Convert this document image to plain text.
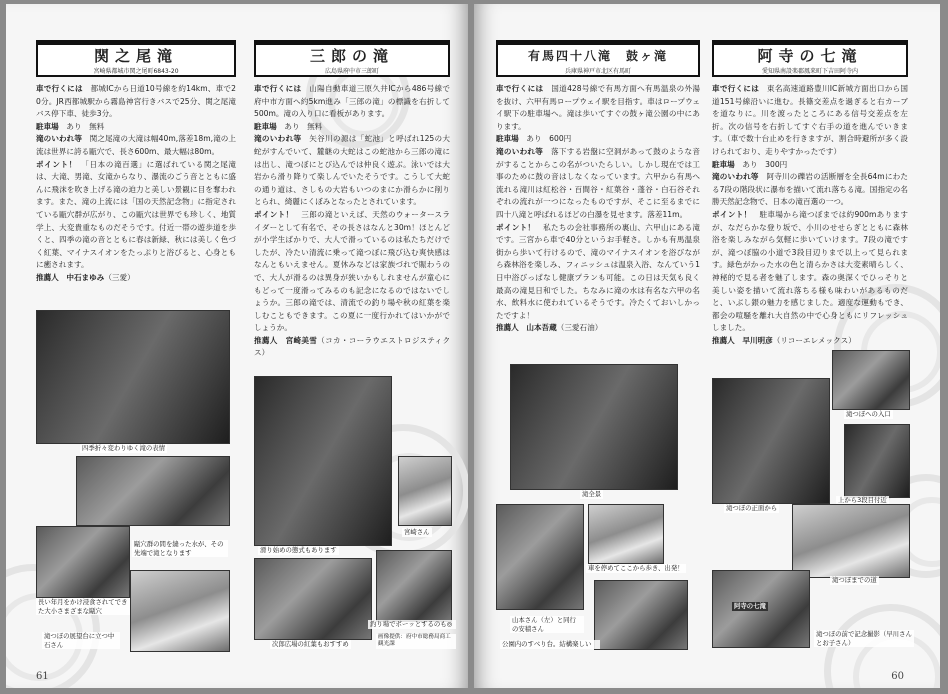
関之尾滝
宮崎県都城市関之尾町6843-20

車で行くには　 都城ICから日道10号線を約14km、車で20分。JR西都城駅から霧島神宮行きバスで25分、関之尾滝バス停下車、徒歩3分。

駐車場　 あり　無料

滝のいわれ等　 関之尾滝の大滝は幅40m,落差18m,滝の上流は世界に誇る甌穴で、長さ600m、最大幅は80m。

ポイント！　 「日本の滝百選」に選ばれている関之尾滝は、大滝、男滝、女滝からなり、瀑流のごう音とともに盛んに飛沫を吹き上げる滝の迫力と美しい景観に目を奪われます。また、滝の上流には「国の天然記念物」に指定されている甌穴群が広がり、この甌穴は世界でも珍しく、地質学上、大変貴重なものだそうです。付近一帯の遊歩道を歩くと、四季の滝の音とともに春は新緑、秋には美しく色づく紅葉、マイナスイオンをたっぷりと浴びると、心身ともに癒されます。

推薦人　 中石まゆみ（三愛）

四季折々変わりゆく滝の表情
甌穴群の間を縫った水が、その先端で滝となります
長い年月をかけ浸食されてできた大小さまざまな甌穴
滝つぼの展望台に立つ中石さん
三郎の滝
広島県府中市三郎町

車で行くには　 山陽自動車道三原久井ICから486号線で府中市方面へ約5km進み「三郎の滝」の標識を右折して500m。滝の入り口に看板があります。

駐車場　 あり　無料

滝のいわれ等　 矢谷川の源は「蛇池」と呼ばれ125の大蛇がすんでいて、麓継の大蛇はこの蛇池から三郎の滝には出し、滝つぼにとび込んでは仲良く遊ぶ。泳いでは大岩から滑り降りて楽しんでいたそうです。こうして大蛇の通り道は、さしもの大岩もいつのまにか滑らかに削りとられ、綺麗にくぼみとなったとされています。

ポイント！　 三郎の滝といえば、天然のウォータースライダーとして有名で、その長さはなんと30m！ほとんどが小学生ばかりで、大人で滑っているのは私たちだけでしたが、冷たい清流に乗って滝つぼに飛び込む爽快感はなんともいえません。夏休みなどは家族づれで賑わうので、大人が滑るのは異身が狭いかもしれませんが童心にもどって一度滑ってみるのも記念になるのではないでしょうか。三郎の滝では、清流での釣り場や秋の紅葉を楽しむこともできます。この夏に一度行かれてはいかがでしょうか。

推薦人　 宮崎美雪（コカ・コーラウエストロジスティクス）

滑り始めの態式もあります
宮崎さん
次郎広場の紅葉もおすすめ
釣り場でボーッとするのも◎
画像提供：府中市総務局商工観光課
61
有馬四十八滝　鼓ヶ滝
兵庫県神戸市北区有馬町

車で行くには　 国道428号線で有馬方面へ有馬温泉の外湯を抜け、六甲有馬ロープウェイ駅を目指す。車はロープウェイ駅下の駐車場へ。滝は歩いてすぐの鼓ヶ滝公園の中にあります。

駐車場　 あり　600円

滝のいわれ等　 落下する岩盤に空洞があって鼓のような音がすることからこの名がついたらしい。しかし現在では工事のために鼓の音はしなくなっています。六甲から有馬へ流れる滝川は紅松谷・百間谷・紅葉谷・蓬谷・白石谷それぞれの流れが一つになったものですが、そこに至るまでに四十八滝と呼ばれるほどの白瀑を見せます。落差11m。

ポイント！　 私たちの会社事務所の裏山、六甲山にある滝です。三宮から車で40分というお手軽さ。しかも有馬温泉街から歩いて行けるので、滝のマイナスイオンを浴びながら森林浴を楽しみ、フィニッシュは温泉入浴、なんていう1日中浴びっぱなし健康プランも可能。この日は天気も良く最高の滝見日和でした。ちなみに滝の水は有名な六甲の名水、飲料水に使われているそうです。冷たくておいしかったですよ！

推薦人　 山本吾蔵（三愛石油）

滝全景
車を停めてここから歩き、出発！
山本さん（左）と同行の安積さん
公園内のすべり台。結構楽しい
阿寺の七滝
愛知県南設楽郡鳳来町下吉田阿寺内

車で行くには　 東名高速道路豊川IC新城方面出口から国道151号線沿いに進む。長篠交差点を過ぎると右カーブを道なりに。川を渡ったところにある信号交差点を左折。次の信号を右折してすぐ右手の道を進んでいきます。（車で数十台止めを行きますが、割合時避所が多く設けられており、走りやすかったです）

駐車場　 あり　300円

滝のいわれ等　 阿寺川の礫岩の活断層を全長64mにわたる7段の階段状に瀑布を描いて流れ落ちる滝。国指定の名勝天然記念物で、日本の滝百選の一つ。

ポイント！　 駐車場から滝つぼまでは約900mありますが、なだらかな登り坂で、小川のせせらぎとともに森林浴を楽しみながら気軽に歩いていけます。7段の滝ですが、滝つぼ脇の小道で3段目辺りまで以上って見られます。緑色がかった水の色と清らかさは大変素晴らしく、神秘的で見る者を魅了します。森の奥深くでひっそりと美しい姿を描いて流れ落ちる様も味わいがあるものだと、いぶし銀の魅力を感じました。適度な運動もでき、都会の喧騒を離れ大自然の中で心身ともにリフレッシュしました。

推薦人　 早川明彦（リコーエレメックス）

滝つぼへの入口
滝つぼの正面から
上から3段目付近
滝つぼまでの道
阿寺の七滝
滝つぼの前で記念撮影（早川さんとお子さん）
60
